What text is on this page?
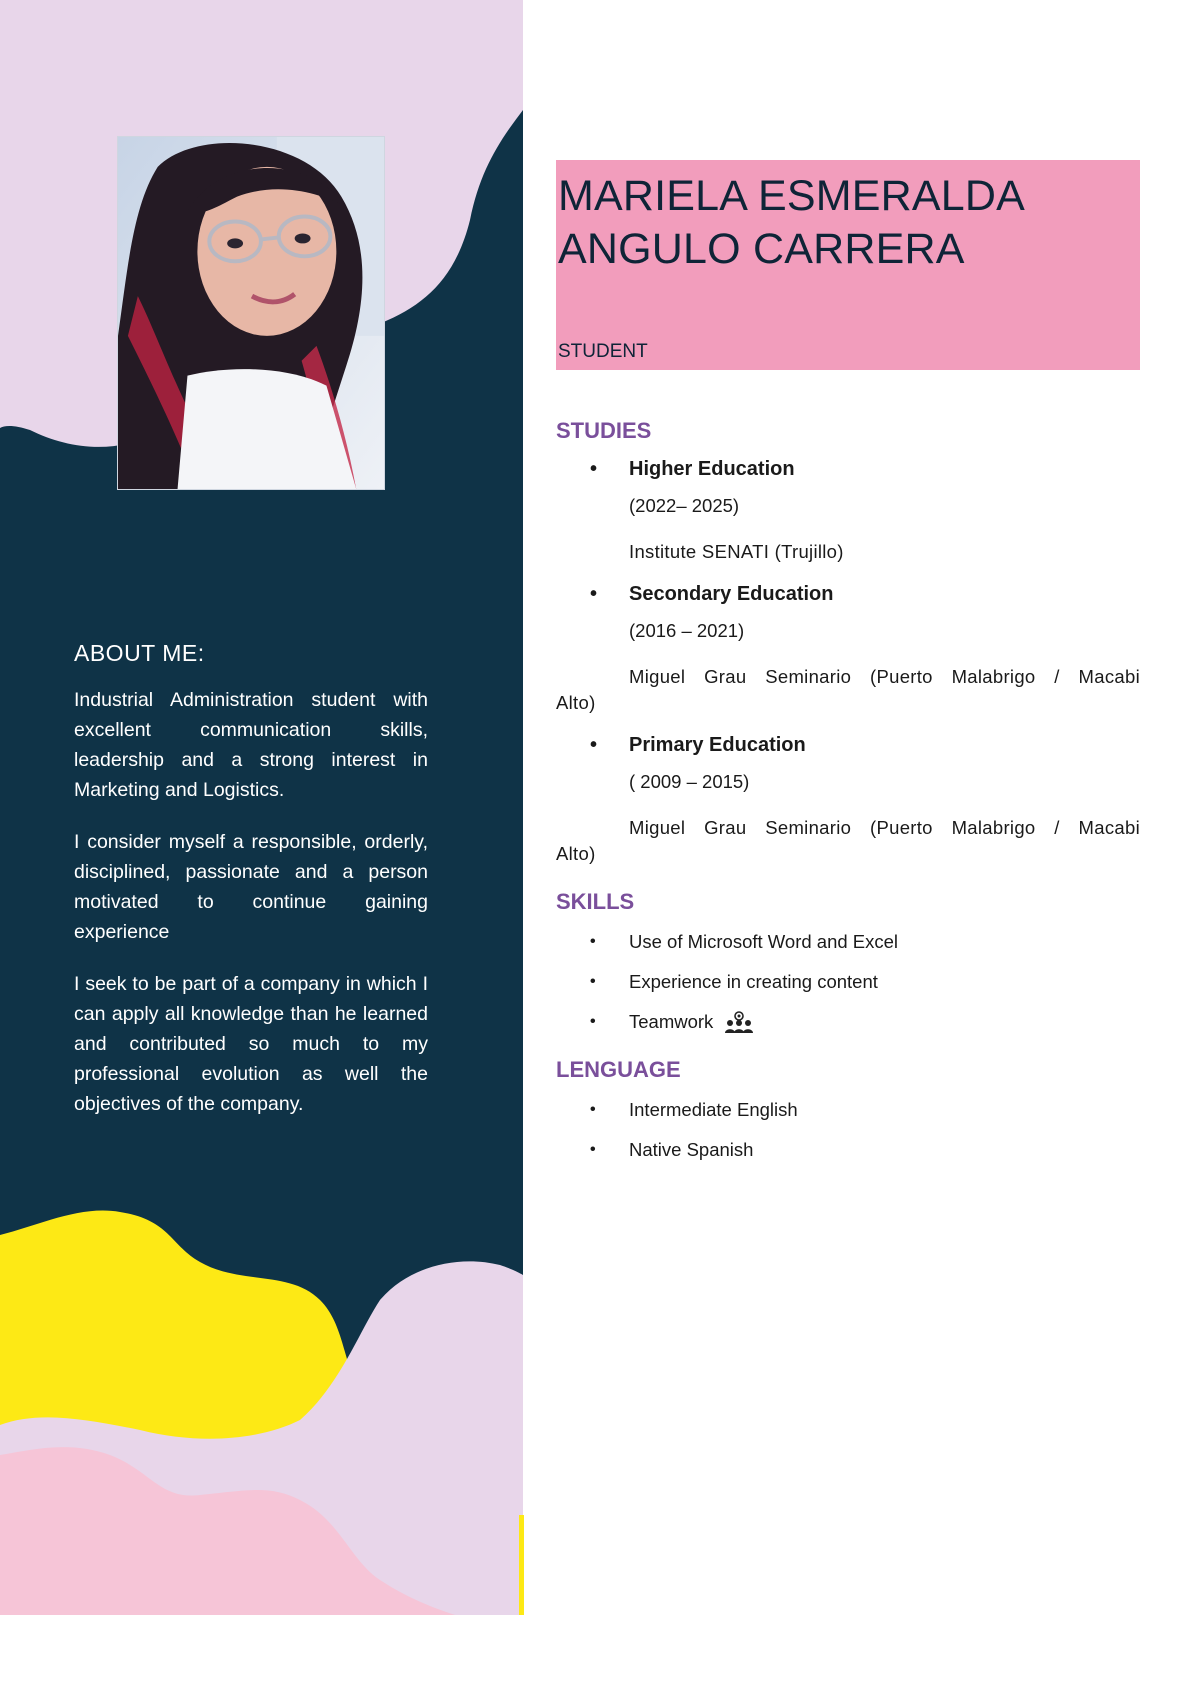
ABOUT ME:

Industrial Administration student with excellent communication skills, leadership and a strong interest in Marketing and Logistics.

I consider myself a responsible, orderly, disciplined, passionate and a person motivated to continue gaining experience

I seek to be part of a company in which I can apply all knowledge than he learned and contributed so much to my professional evolution as well the objectives of the company.

MARIELA ESMERALDA
ANGULO CARRERA
STUDENT
STUDIES
• Higher Education
(2022– 2025)
Institute SENATI (Trujillo)
• Secondary Education
(2016 – 2021)
Miguel Grau Seminario (Puerto Malabrigo / Macabi Alto)
• Primary Education
( 2009 – 2015)
Miguel Grau Seminario (Puerto Malabrigo / Macabi Alto)
SKILLS
• Use of Microsoft Word and Excel
• Experience in creating content
• Teamwork
LENGUAGE
• Intermediate English
• Native Spanish
